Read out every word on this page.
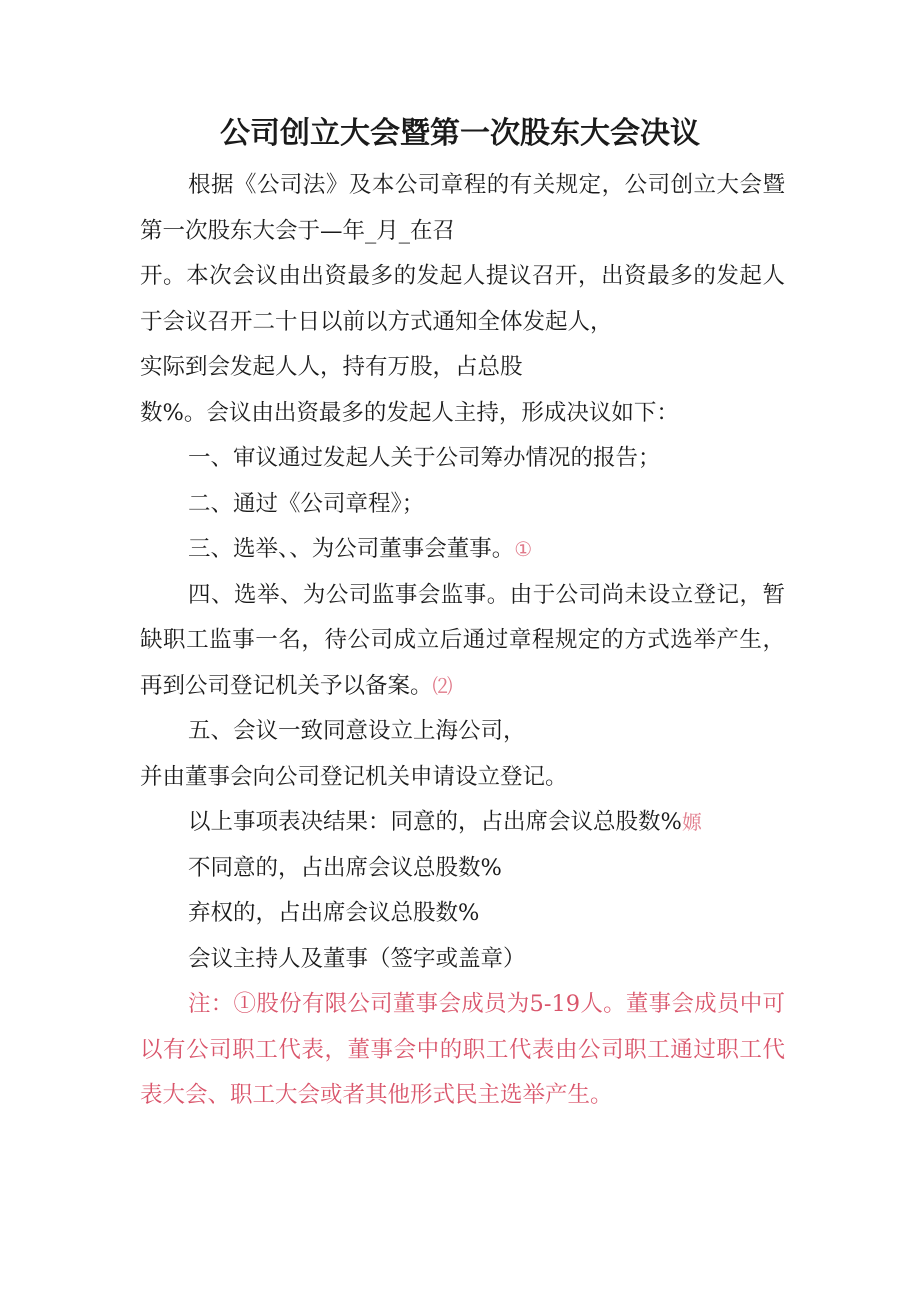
公司创立大会暨第一次股东大会决议
根据《公司法》及本公司章程的有关规定，公司创立大会暨
第一次股东大会于—年_月_在召
开。本次会议由出资最多的发起人提议召开，出资最多的发起人
于会议召开二十日以前以方式通知全体发起人，
实际到会发起人人，持有万股，占总股
数%。会议由出资最多的发起人主持，形成决议如下：
一、审议通过发起人关于公司筹办情况的报告；
二、通过《公司章程》；
三、选举、、为公司董事会董事。①
四、选举、为公司监事会监事。由于公司尚未设立登记，暂
缺职工监事一名，待公司成立后通过章程规定的方式选举产生，
再到公司登记机关予以备案。⑵
五、会议一致同意设立上海公司，
并由董事会向公司登记机关申请设立登记。
以上事项表决结果：同意的，占出席会议总股数%嫄
不同意的，占出席会议总股数%
弃权的，占出席会议总股数%
会议主持人及董事（签字或盖章）
注：①股份有限公司董事会成员为5-19人。董事会成员中可
以有公司职工代表，董事会中的职工代表由公司职工通过职工代
表大会、职工大会或者其他形式民主选举产生。
